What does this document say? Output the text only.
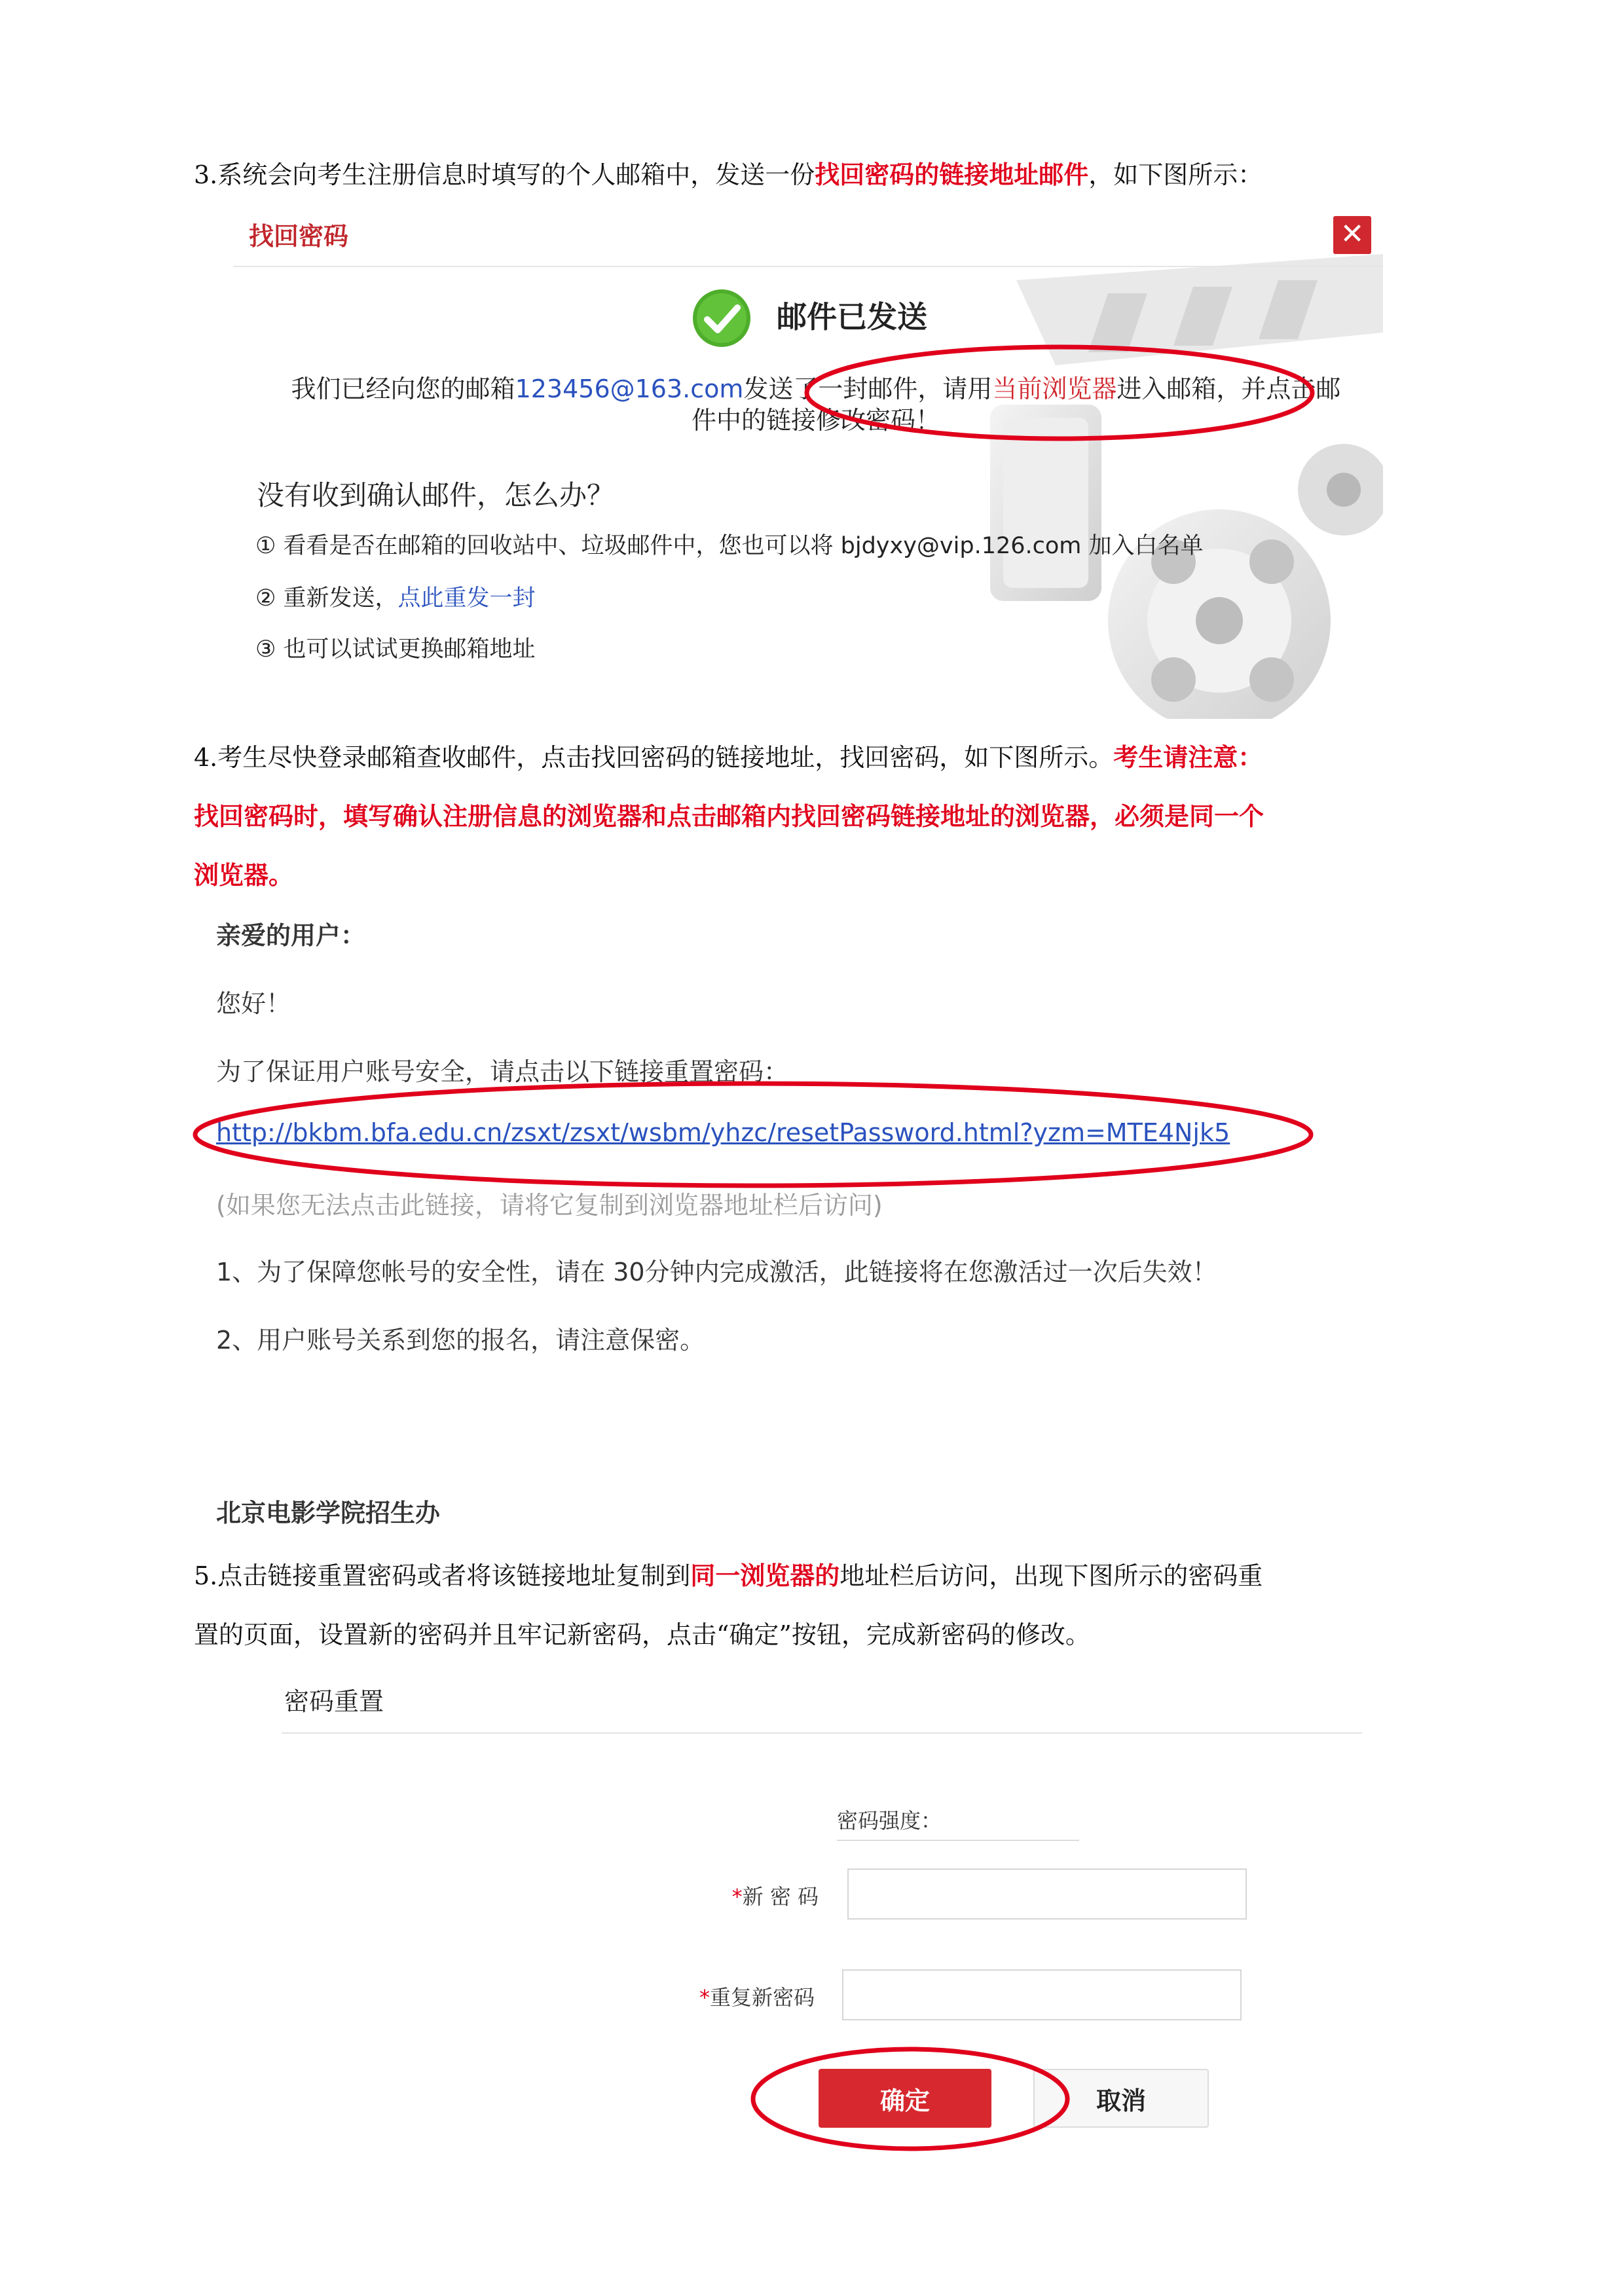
3.系统会向考生注册信息时填写的个人邮箱中，发送一份找回密码的链接地址邮件，如下图所示：
找回密码	✕
邮件已发送
我们已经向您的邮箱123456@163.com发送了一封邮件，请用当前浏览器进入邮箱，并点击邮
件中的链接修改密码！
没有收到确认邮件，怎么办？
① 看看是否在邮箱的回收站中、垃圾邮件中，您也可以将 bjdyxy@vip.126.com 加入白名单
② 重新发送，点此重发一封
③ 也可以试试更换邮箱地址
4.考生尽快登录邮箱查收邮件，点击找回密码的链接地址，找回密码，如下图所示。考生请注意：
找回密码时，填写确认注册信息的浏览器和点击邮箱内找回密码链接地址的浏览器，必须是同一个
浏览器。
亲爱的用户：
您好！
为了保证用户账号安全，请点击以下链接重置密码：
http://bkbm.bfa.edu.cn/zsxt/zsxt/wsbm/yhzc/resetPassword.html?yzm=MTE4Njk5
(如果您无法点击此链接，请将它复制到浏览器地址栏后访问)
1、为了保障您帐号的安全性，请在 30分钟内完成激活，此链接将在您激活过一次后失效！
2、用户账号关系到您的报名，请注意保密。
北京电影学院招生办
5.点击链接重置密码或者将该链接地址复制到同一浏览器的地址栏后访问，出现下图所示的密码重
置的页面，设置新的密码并且牢记新密码，点击“确定”按钮，完成新密码的修改。
密码重置
密码强度：
*新 密 码
*重复新密码
确定	取消
